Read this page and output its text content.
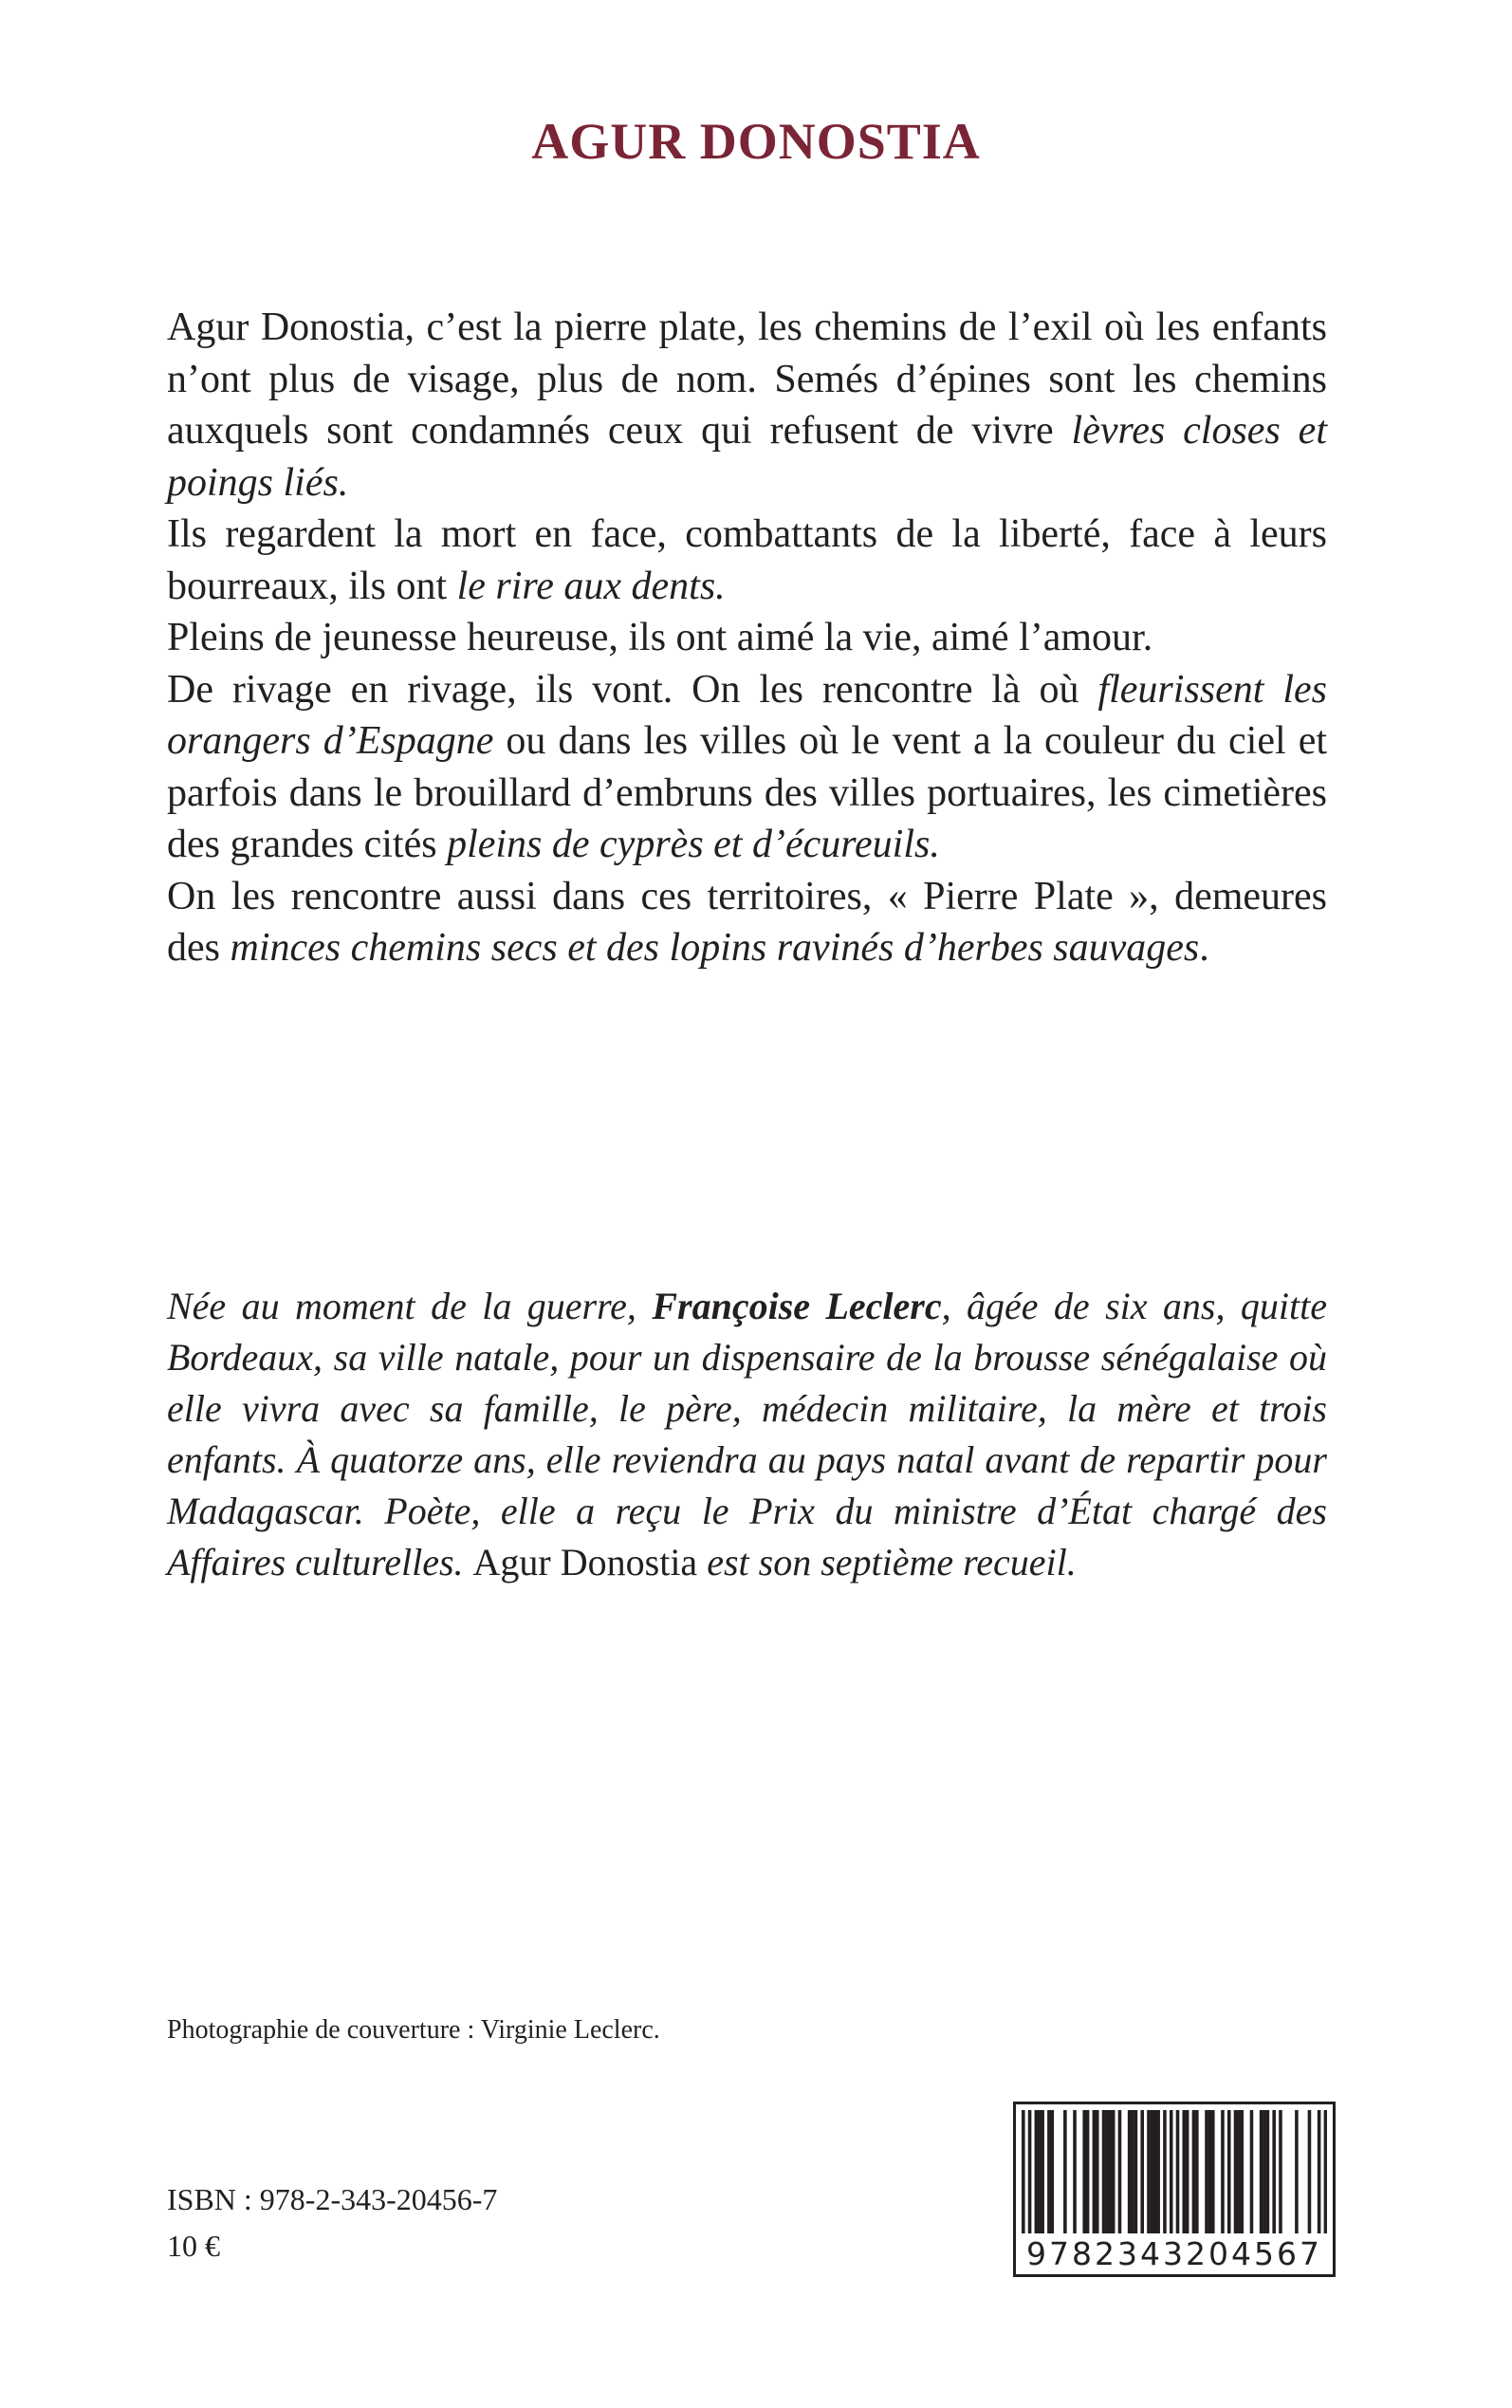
AGUR DONOSTIA

Agur Donostia, c’est la pierre plate, les chemins de l’exil où les enfants n’ont plus de visage, plus de nom. Semés d’épines sont les chemins auxquels sont condamnés ceux qui refusent de vivre lèvres closes et poings liés.

Ils regardent la mort en face, combattants de la liberté, face à leurs bourreaux, ils ont le rire aux dents.

Pleins de jeunesse heureuse, ils ont aimé la vie, aimé l’amour.

De rivage en rivage, ils vont. On les rencontre là où fleurissent les orangers d’Espagne ou dans les villes où le vent a la couleur du ciel et parfois dans le brouillard d’embruns des villes portuaires, les cimetières des grandes cités pleins de cyprès et d’écureuils.

On les rencontre aussi dans ces territoires, « Pierre Plate », demeures des minces chemins secs et des lopins ravinés d’herbes sauvages.

Née au moment de la guerre, Françoise Leclerc, âgée de six ans, quitte Bordeaux, sa ville natale, pour un dispensaire de la brousse sénégalaise où elle vivra avec sa famille, le père, médecin militaire, la mère et trois enfants. À quatorze ans, elle reviendra au pays natal avant de repartir pour Madagascar. Poète, elle a reçu le Prix du ministre d’État chargé des Affaires culturelles. Agur Donostia est son septième recueil.

Photographie de couverture : Virginie Leclerc.

ISBN : 978-2-343-20456-7

10 €	9782343204567
